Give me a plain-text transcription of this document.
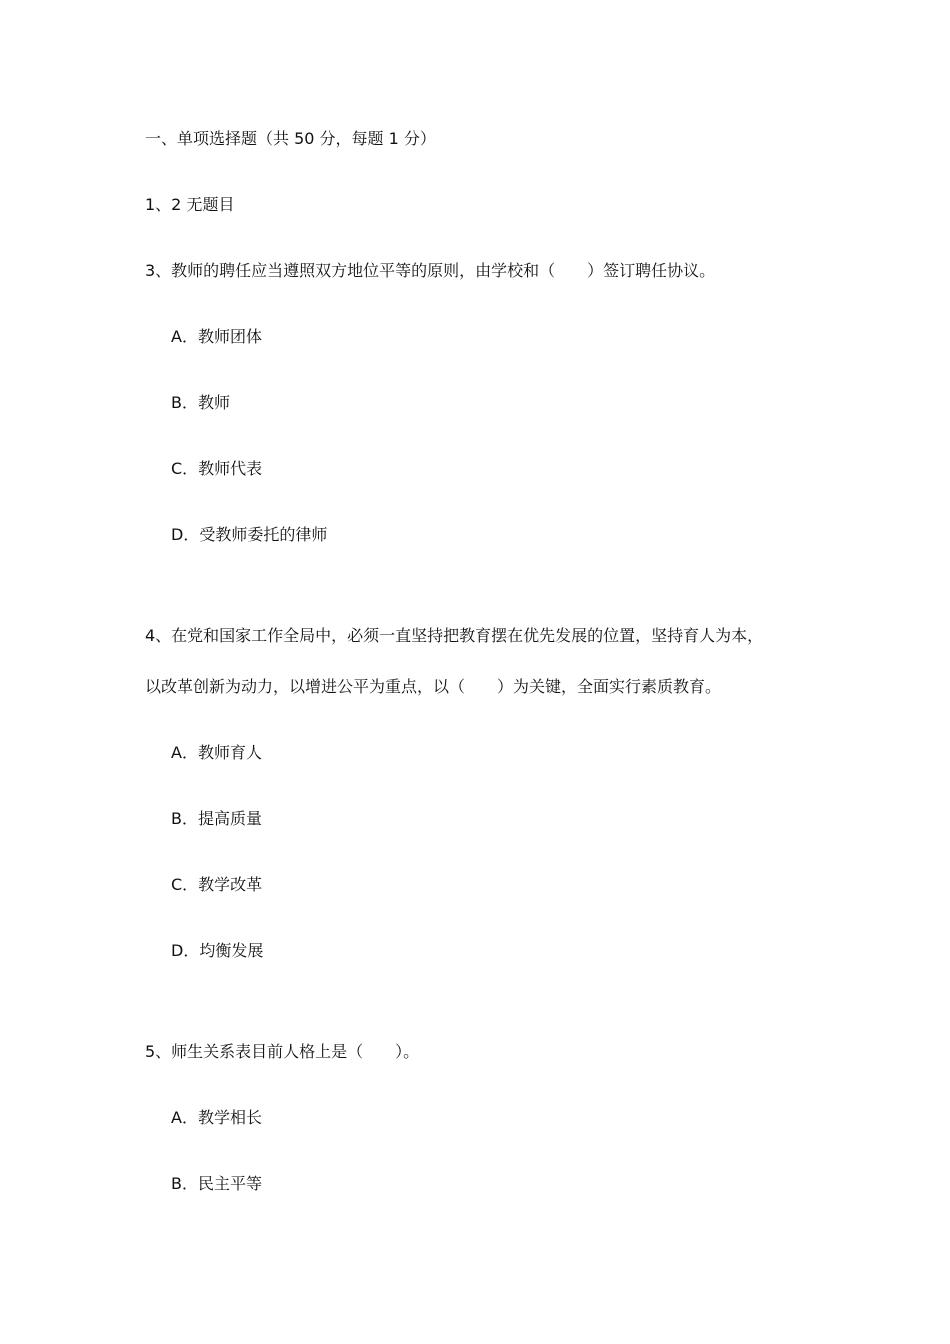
一、单项选择题（共 50 分，每题 1 分）
1、2 无题目
3、教师的聘任应当遵照双方地位平等的原则，由学校和（　　）签订聘任协议。
A．教师团体
B．教师
C．教师代表
D．受教师委托的律师
4、在党和国家工作全局中，必须一直坚持把教育摆在优先发展的位置，坚持育人为本，
以改革创新为动力，以增进公平为重点，以（　　）为关键，全面实行素质教育。
A．教师育人
B．提高质量
C．教学改革
D．均衡发展
5、师生关系表目前人格上是（　　）。
A．教学相长
B．民主平等
